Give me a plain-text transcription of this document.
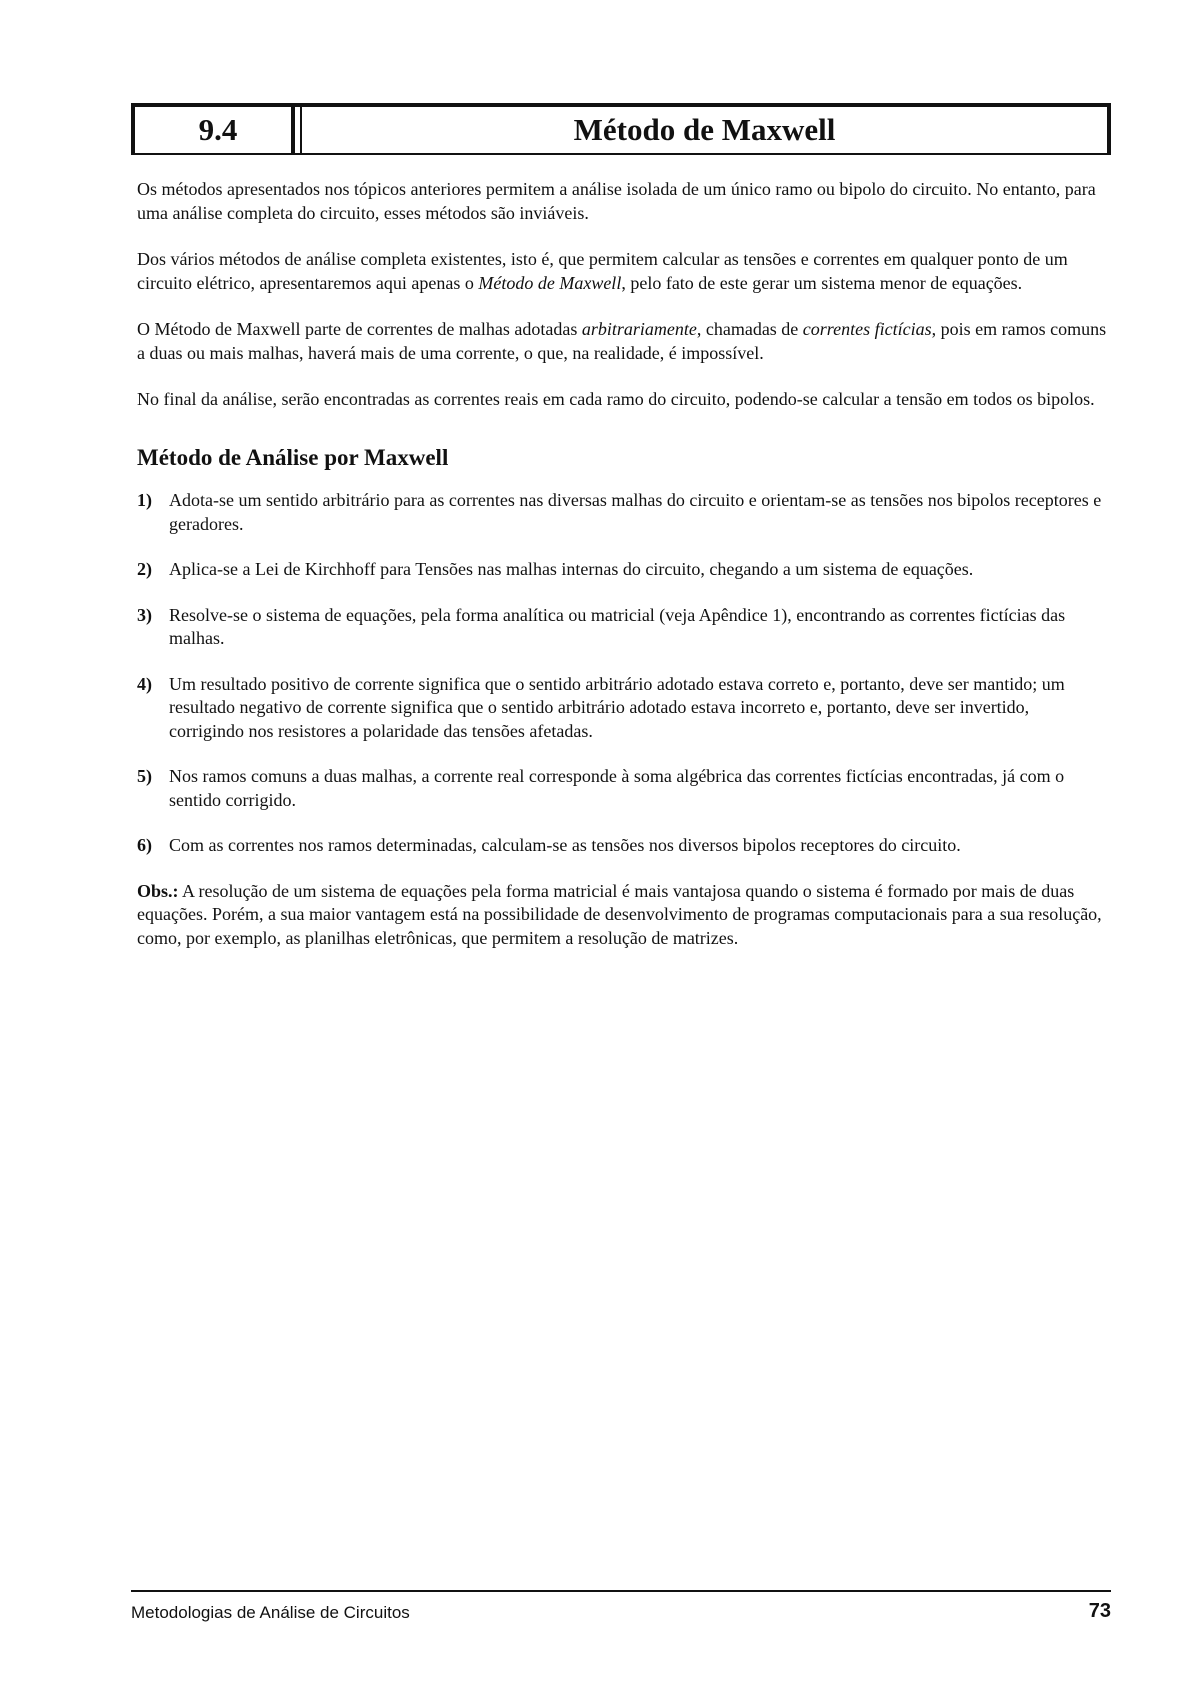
9.4	Método de Maxwell

Os métodos apresentados nos tópicos anteriores permitem a análise isolada de um único ramo ou bipolo do circuito. No entanto, para uma análise completa do circuito, esses métodos são inviáveis.

Dos vários métodos de análise completa existentes, isto é, que permitem calcular as tensões e correntes em qualquer ponto de um circuito elétrico, apresentaremos aqui apenas o Método de Maxwell, pelo fato de este gerar um sistema menor de equações.

O Método de Maxwell parte de correntes de malhas adotadas arbitrariamente, chamadas de correntes fictícias, pois em ramos comuns a duas ou mais malhas, haverá mais de uma corrente, o que, na realidade, é impossível.

No final da análise, serão encontradas as correntes reais em cada ramo do circuito, podendo-se calcular a tensão em todos os bipolos.

Método de Análise por Maxwell
1) Adota-se um sentido arbitrário para as correntes nas diversas malhas do circuito e orientam-se as tensões nos bipolos receptores e geradores.
2) Aplica-se a Lei de Kirchhoff para Tensões nas malhas internas do circuito, chegando a um sistema de equações.
3) Resolve-se o sistema de equações, pela forma analítica ou matricial (veja Apêndice 1), encontrando as correntes fictícias das malhas.
4) Um resultado positivo de corrente significa que o sentido arbitrário adotado estava correto e, portanto, deve ser mantido; um resultado negativo de corrente significa que o sentido arbitrário adotado estava incorreto e, portanto, deve ser invertido, corrigindo nos resistores a polaridade das tensões afetadas.
5) Nos ramos comuns a duas malhas, a corrente real corresponde à soma algébrica das correntes fictícias encontradas, já com o sentido corrigido.
6) Com as correntes nos ramos determinadas, calculam-se as tensões nos diversos bipolos receptores do circuito.

Obs.: A resolução de um sistema de equações pela forma matricial é mais vantajosa quando o sistema é formado por mais de duas equações. Porém, a sua maior vantagem está na possibilidade de desenvolvimento de programas computacionais para a sua resolução, como, por exemplo, as planilhas eletrônicas, que permitem a resolução de matrizes.

Metodologias de Análise de Circuitos	73
